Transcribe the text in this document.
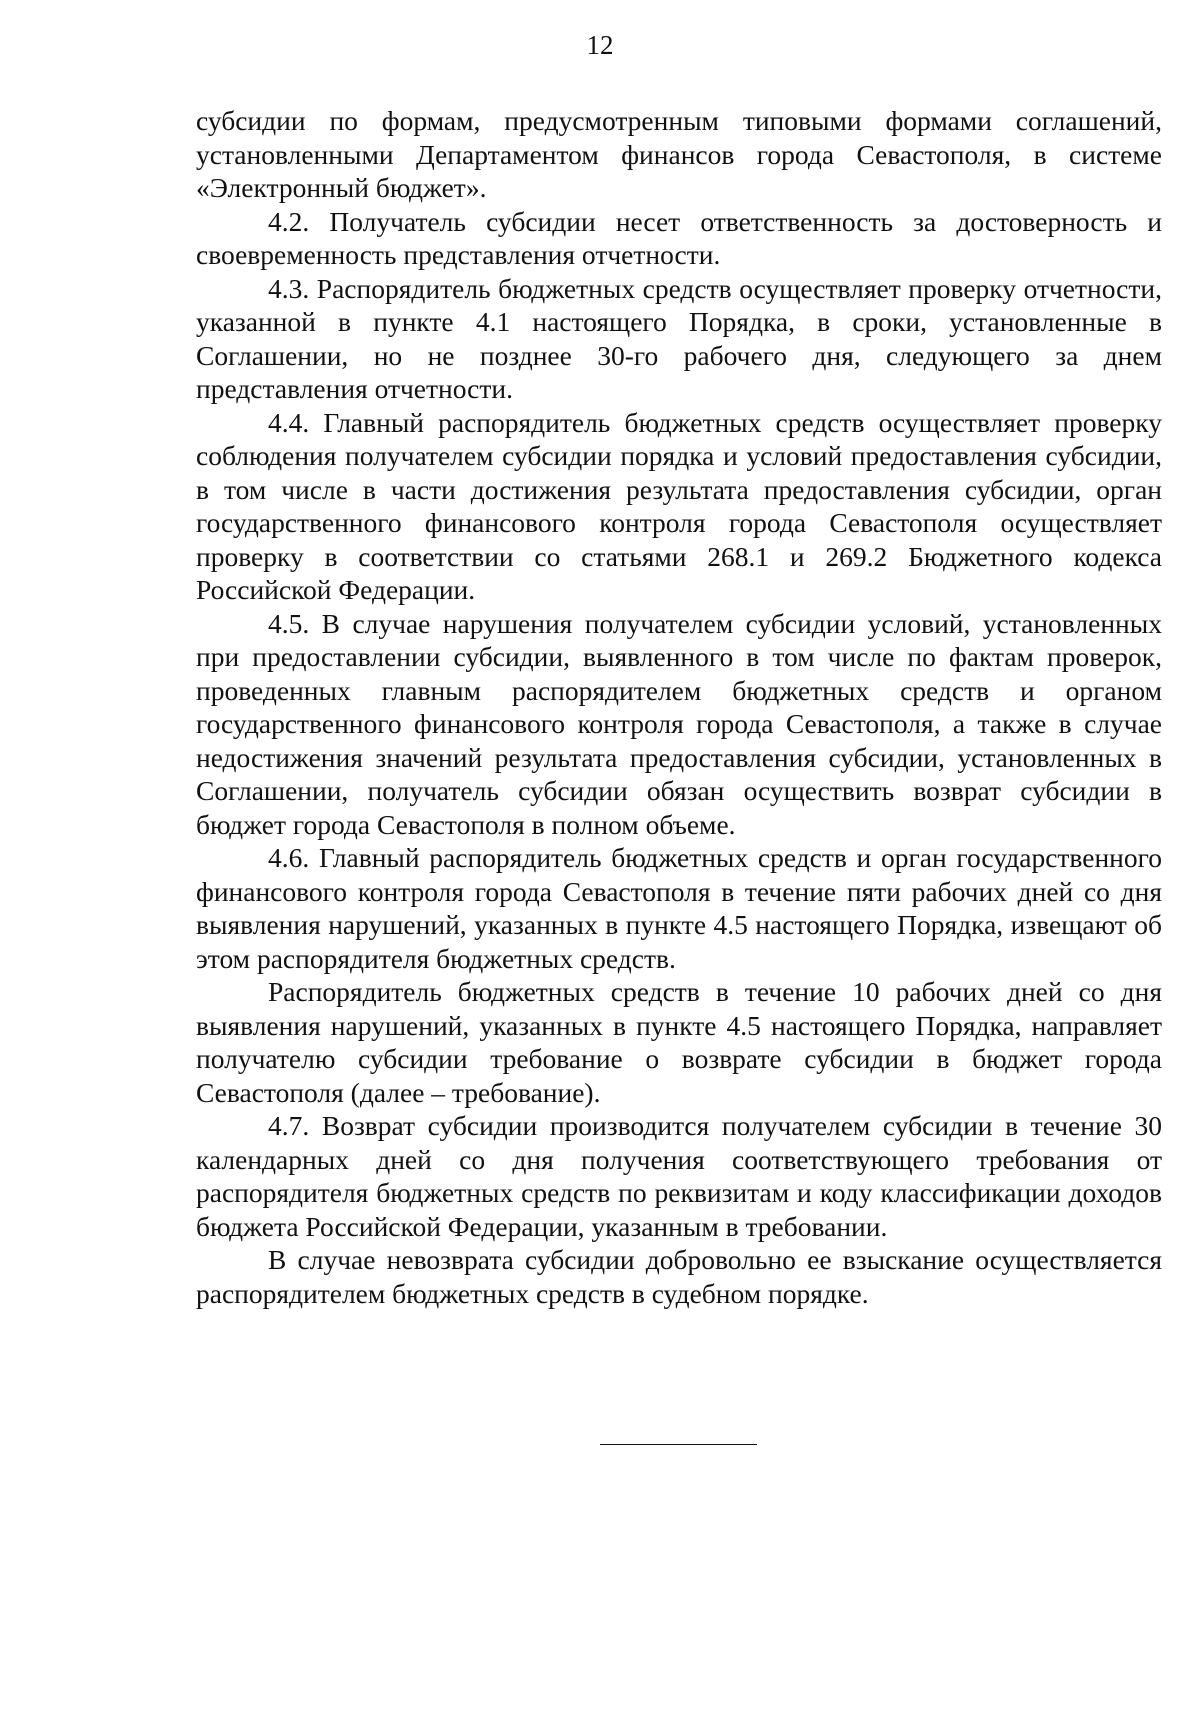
12

субсидии по формам, предусмотренным типовыми формами соглашений, установленными Департаментом финансов города Севастополя, в системе «Электронный бюджет».

4.2. Получатель субсидии несет ответственность за достоверность и своевременность представления отчетности.

4.3. Распорядитель бюджетных средств осуществляет проверку отчетности, указанной в пункте 4.1 настоящего Порядка, в сроки, установленные в Соглашении, но не позднее 30-го рабочего дня, следующего за днем представления отчетности.

4.4. Главный распорядитель бюджетных средств осуществляет проверку соблюдения получателем субсидии порядка и условий предоставления субсидии, в том числе в части достижения результата предоставления субсидии, орган государственного финансового контроля города Севастополя осуществляет проверку в соответствии со статьями 268.1 и 269.2 Бюджетного кодекса Российской Федерации.

4.5. В случае нарушения получателем субсидии условий, установленных при предоставлении субсидии, выявленного в том числе по фактам проверок, проведенных главным распорядителем бюджетных средств и органом государственного финансового контроля города Севастополя, а также в случае недостижения значений результата предоставления субсидии, установленных в Соглашении, получатель субсидии обязан осуществить возврат субсидии в бюджет города Севастополя в полном объеме.

4.6. Главный распорядитель бюджетных средств и орган государственного финансового контроля города Севастополя в течение пяти рабочих дней со дня выявления нарушений, указанных в пункте 4.5 настоящего Порядка, извещают об этом распорядителя бюджетных средств.

Распорядитель бюджетных средств в течение 10 рабочих дней со дня выявления нарушений, указанных в пункте 4.5 настоящего Порядка, направляет получателю субсидии требование о возврате субсидии в бюджет города Севастополя (далее – требование).

4.7. Возврат субсидии производится получателем субсидии в течение 30 календарных дней со дня получения соответствующего требования от распорядителя бюджетных средств по реквизитам и коду классификации доходов бюджета Российской Федерации, указанным в требовании.

В случае невозврата субсидии добровольно ее взыскание осуществляется распорядителем бюджетных средств в судебном порядке.
